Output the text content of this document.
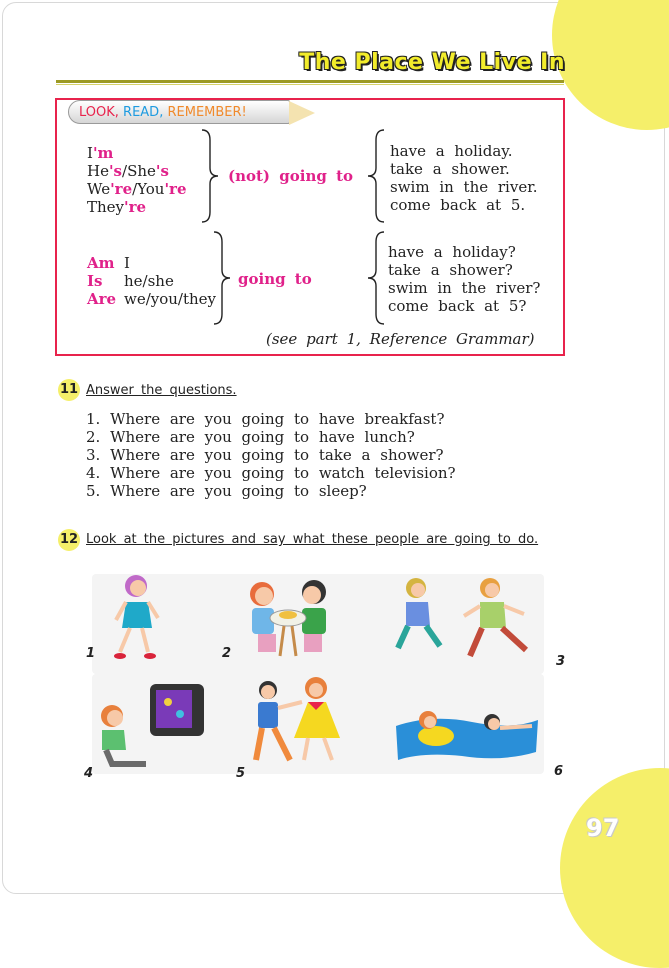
The Place We Live In
LOOK, READ, REMEMBER!
I'm
He's/She's
We're/You're
They're
(not) going to
have a holiday.
take a shower.
swim in the river.
come back at 5.
Am I
Is he/she
Are we/you/they
going to
have a holiday?
take a shower?
swim in the river?
come back at 5?
(see part 1, Reference Grammar)
11 Answer the questions.
1. Where are you going to have breakfast?
2. Where are you going to have lunch?
3. Where are you going to take a shower?
4. Where are you going to watch television?
5. Where are you going to sleep?
12 Look at the pictures and say what these people are going to do.
1	2
3
4	5	6
97
